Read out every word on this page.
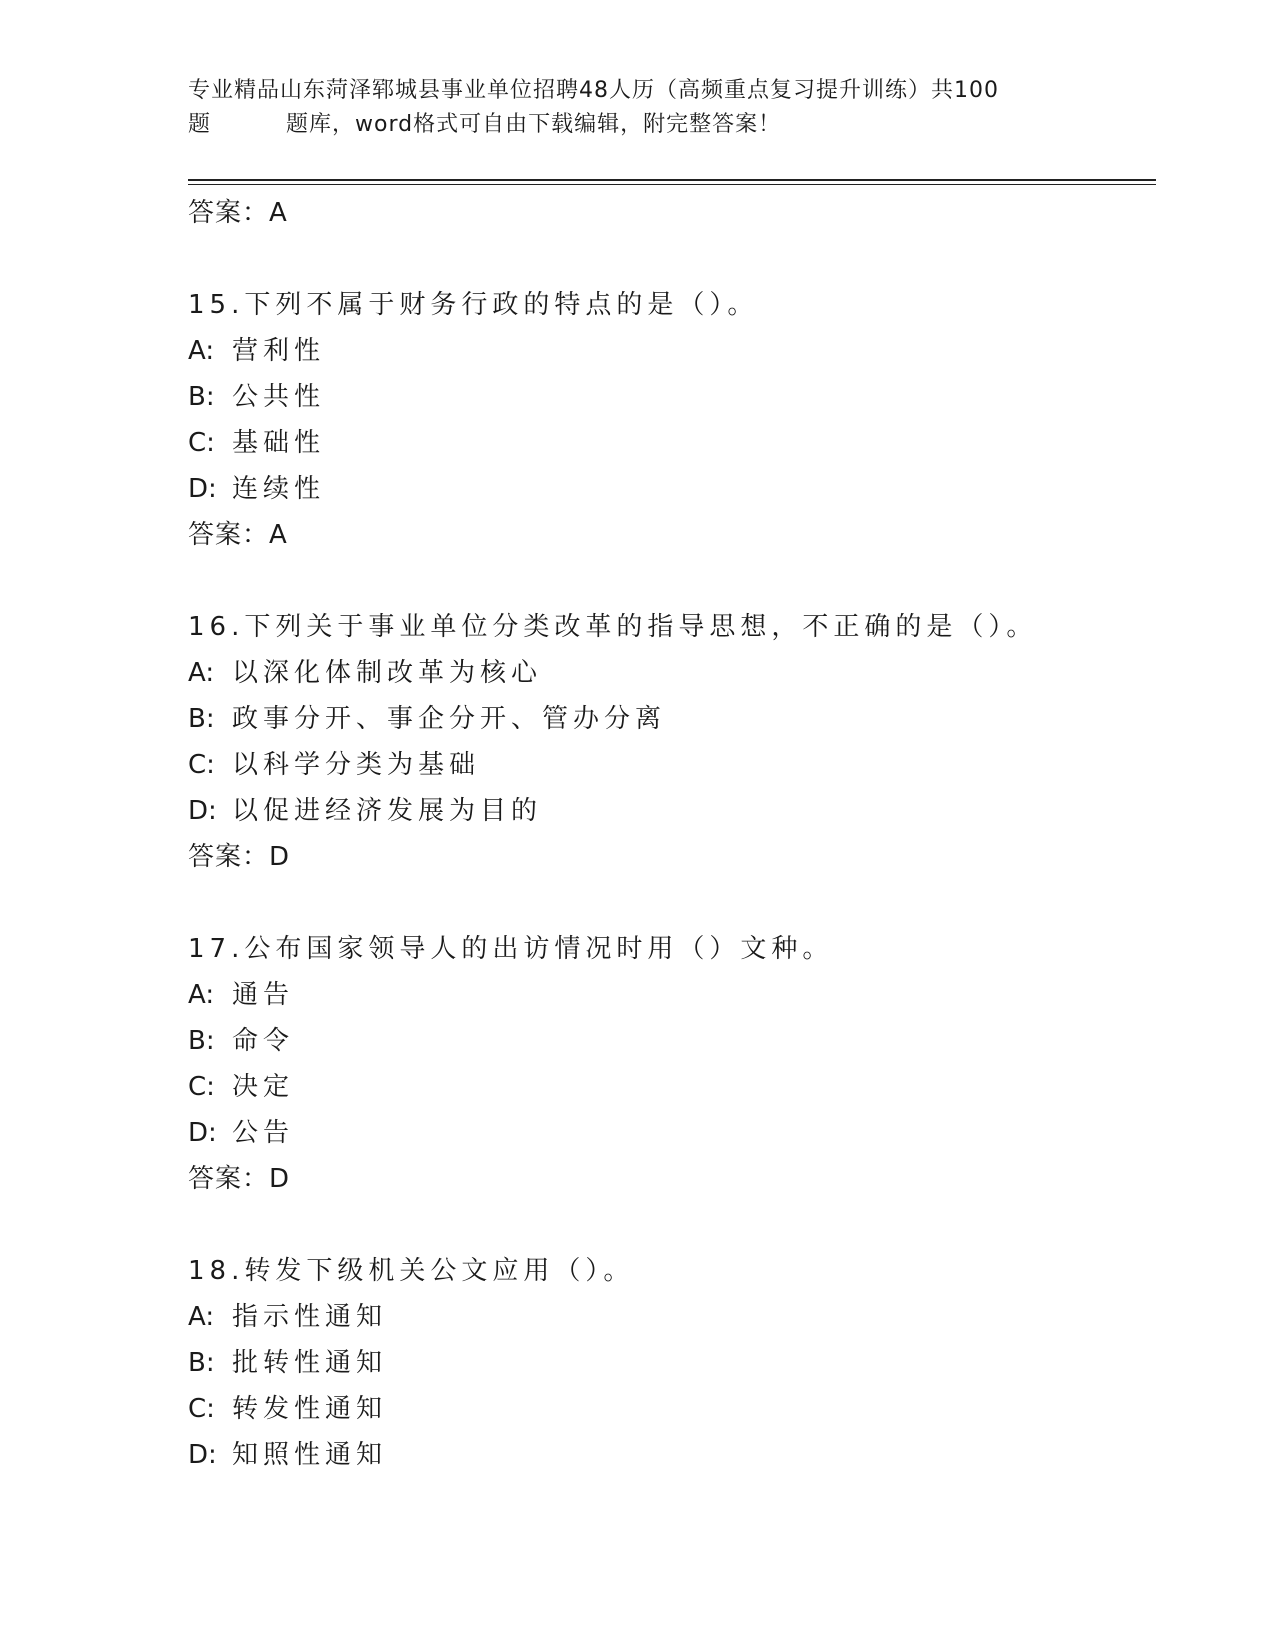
专业精品山东菏泽郓城县事业单位招聘48人历（高频重点复习提升训练）共100
题	题库，word格式可自由下载编辑，附完整答案！
答案：A
15.下列不属于财务行政的特点的是（）。
A: 营利性
B: 公共性
C: 基础性
D: 连续性
答案：A
16.下列关于事业单位分类改革的指导思想，不正确的是（）。
A: 以深化体制改革为核心
B: 政事分开、事企分开、管办分离
C: 以科学分类为基础
D: 以促进经济发展为目的
答案：D
17.公布国家领导人的出访情况时用（）文种。
A: 通告
B: 命令
C: 决定
D: 公告
答案：D
18.转发下级机关公文应用（）。
A: 指示性通知
B: 批转性通知
C: 转发性通知
D: 知照性通知
